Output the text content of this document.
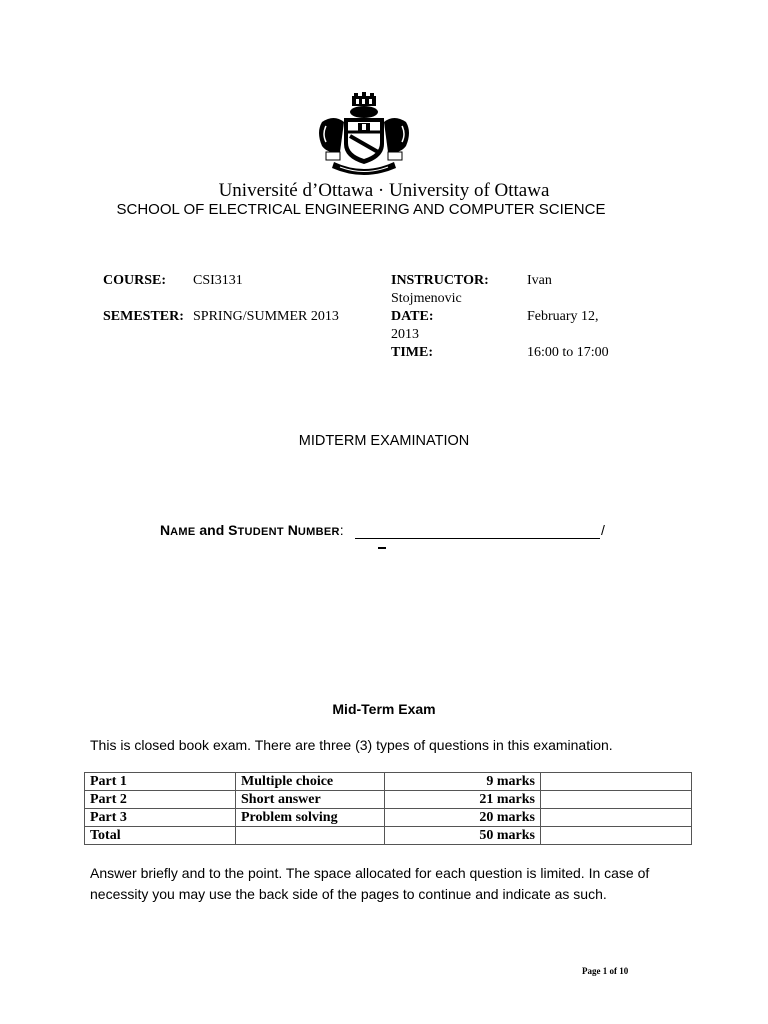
Université d’Ottawa · University of Ottawa
SCHOOL OF ELECTRICAL ENGINEERING AND COMPUTER SCIENCE
COURSE: CSI3131
SEMESTER: SPRING/SUMMER 2013
INSTRUCTOR:	Ivan
Stojmenovic
DATE:	February 12,
2013
TIME:	16:00 to 17:00
MIDTERM EXAMINATION
NAME and STUDENT NUMBER:	/
Mid-Term Exam
This is closed book exam. There are three (3) types of questions in this examination.
Part 1	Multiple choice	9 marks	
Part 2	Short answer	21 marks	
Part 3	Problem solving	20 marks	
Total		50 marks	
Answer briefly and to the point. The space allocated for each question is limited. In case of necessity you may use the back side of the pages to continue and indicate as such.
Page 1 of 10
